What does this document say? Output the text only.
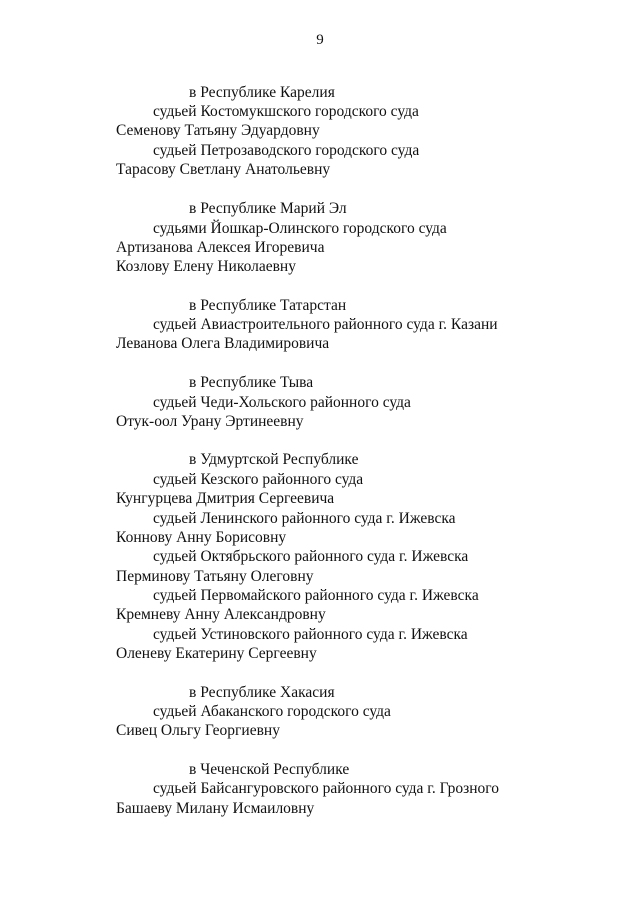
9
в Республике Карелия
судьей Костомукшского городского суда
Семенову Татьяну Эдуардовну
судьей Петрозаводского городского суда
Тарасову Светлану Анатольевну
в Республике Марий Эл
судьями Йошкар-Олинского городского суда
Артизанова Алексея Игоревича
Козлову Елену Николаевну
в Республике Татарстан
судьей Авиастроительного районного суда г. Казани
Леванова Олега Владимировича
в Республике Тыва
судьей Чеди-Хольского районного суда
Отук-оол Урану Эртинеевну
в Удмуртской Республике
судьей Кезского районного суда
Кунгурцева Дмитрия Сергеевича
судьей Ленинского районного суда г. Ижевска
Коннову Анну Борисовну
судьей Октябрьского районного суда г. Ижевска
Перминову Татьяну Олеговну
судьей Первомайского районного суда г. Ижевска
Кремневу Анну Александровну
судьей Устиновского районного суда г. Ижевска
Оленеву Екатерину Сергеевну
в Республике Хакасия
судьей Абаканского городского суда
Сивец Ольгу Георгиевну
в Чеченской Республике
судьей Байсангуровского районного суда г. Грозного
Башаеву Милану Исмаиловну
